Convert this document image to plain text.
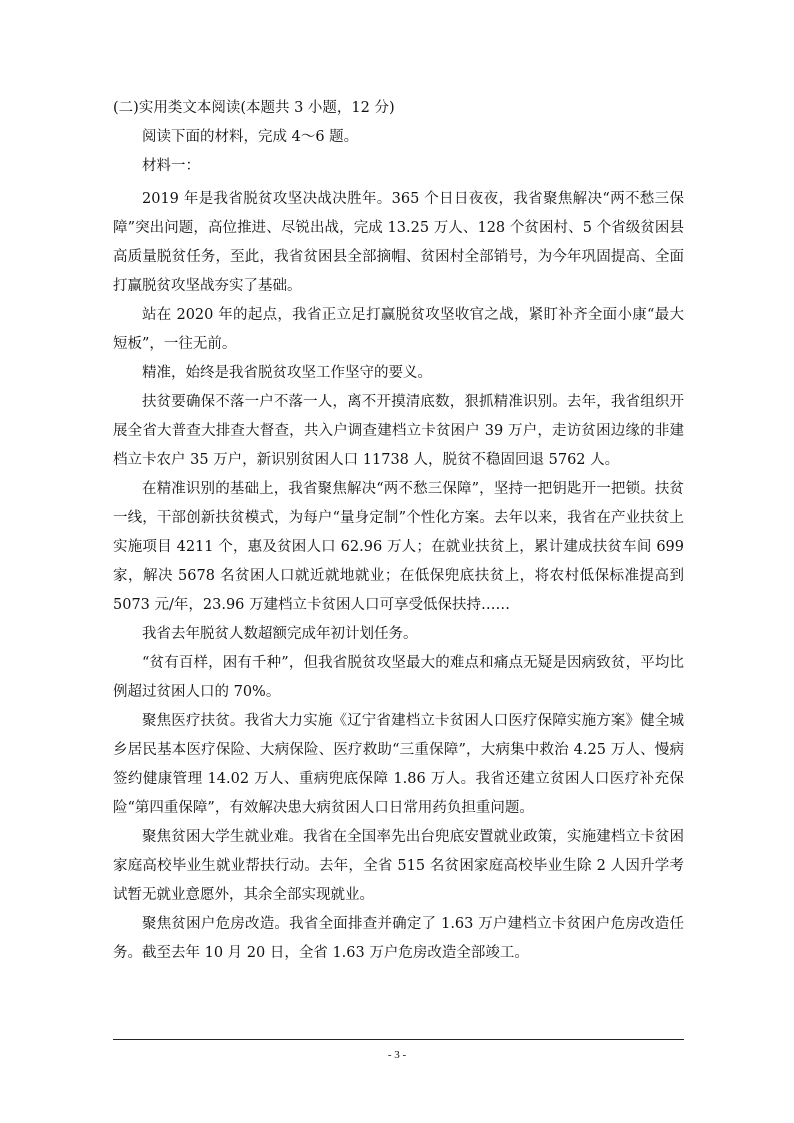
(二)实用类文本阅读(本题共 3 小题，12 分)
阅读下面的材料，完成 4～6 题。
材料一：

2019 年是我省脱贫攻坚决战决胜年。365 个日日夜夜，我省聚焦解决“两不愁三保障”突出问题，高位推进、尽锐出战，完成 13.25 万人、128 个贫困村、5 个省级贫困县高质量脱贫任务，至此，我省贫困县全部摘帽、贫困村全部销号，为今年巩固提高、全面打赢脱贫攻坚战夯实了基础。

站在 2020 年的起点，我省正立足打赢脱贫攻坚收官之战，紧盯补齐全面小康“最大短板”，一往无前。

精准，始终是我省脱贫攻坚工作坚守的要义。

扶贫要确保不落一户不落一人，离不开摸清底数，狠抓精准识别。去年，我省组织开展全省大普查大排查大督查，共入户调查建档立卡贫困户 39 万户，走访贫困边缘的非建档立卡农户 35 万户，新识别贫困人口 11738 人，脱贫不稳固回退 5762 人。

在精准识别的基础上，我省聚焦解决“两不愁三保障”，坚持一把钥匙开一把锁。扶贫一线，干部创新扶贫模式，为每户“量身定制”个性化方案。去年以来，我省在产业扶贫上实施项目 4211 个，惠及贫困人口 62.96 万人；在就业扶贫上，累计建成扶贫车间 699 家，解决 5678 名贫困人口就近就地就业；在低保兜底扶贫上，将农村低保标准提高到 5073 元/年，23.96 万建档立卡贫困人口可享受低保扶持……

我省去年脱贫人数超额完成年初计划任务。

“贫有百样，困有千种”，但我省脱贫攻坚最大的难点和痛点无疑是因病致贫，平均比例超过贫困人口的 70%。

聚焦医疗扶贫。我省大力实施《辽宁省建档立卡贫困人口医疗保障实施方案》健全城乡居民基本医疗保险、大病保险、医疗救助“三重保障”，大病集中救治 4.25 万人、慢病签约健康管理 14.02 万人、重病兜底保障 1.86 万人。我省还建立贫困人口医疗补充保险“第四重保障”，有效解决患大病贫困人口日常用药负担重问题。

聚焦贫困大学生就业难。我省在全国率先出台兜底安置就业政策，实施建档立卡贫困家庭高校毕业生就业帮扶行动。去年，全省 515 名贫困家庭高校毕业生除 2 人因升学考试暂无就业意愿外，其余全部实现就业。

聚焦贫困户危房改造。我省全面排查并确定了 1.63 万户建档立卡贫困户危房改造任务。截至去年 10 月 20 日，全省 1.63 万户危房改造全部竣工。

- 3 -
